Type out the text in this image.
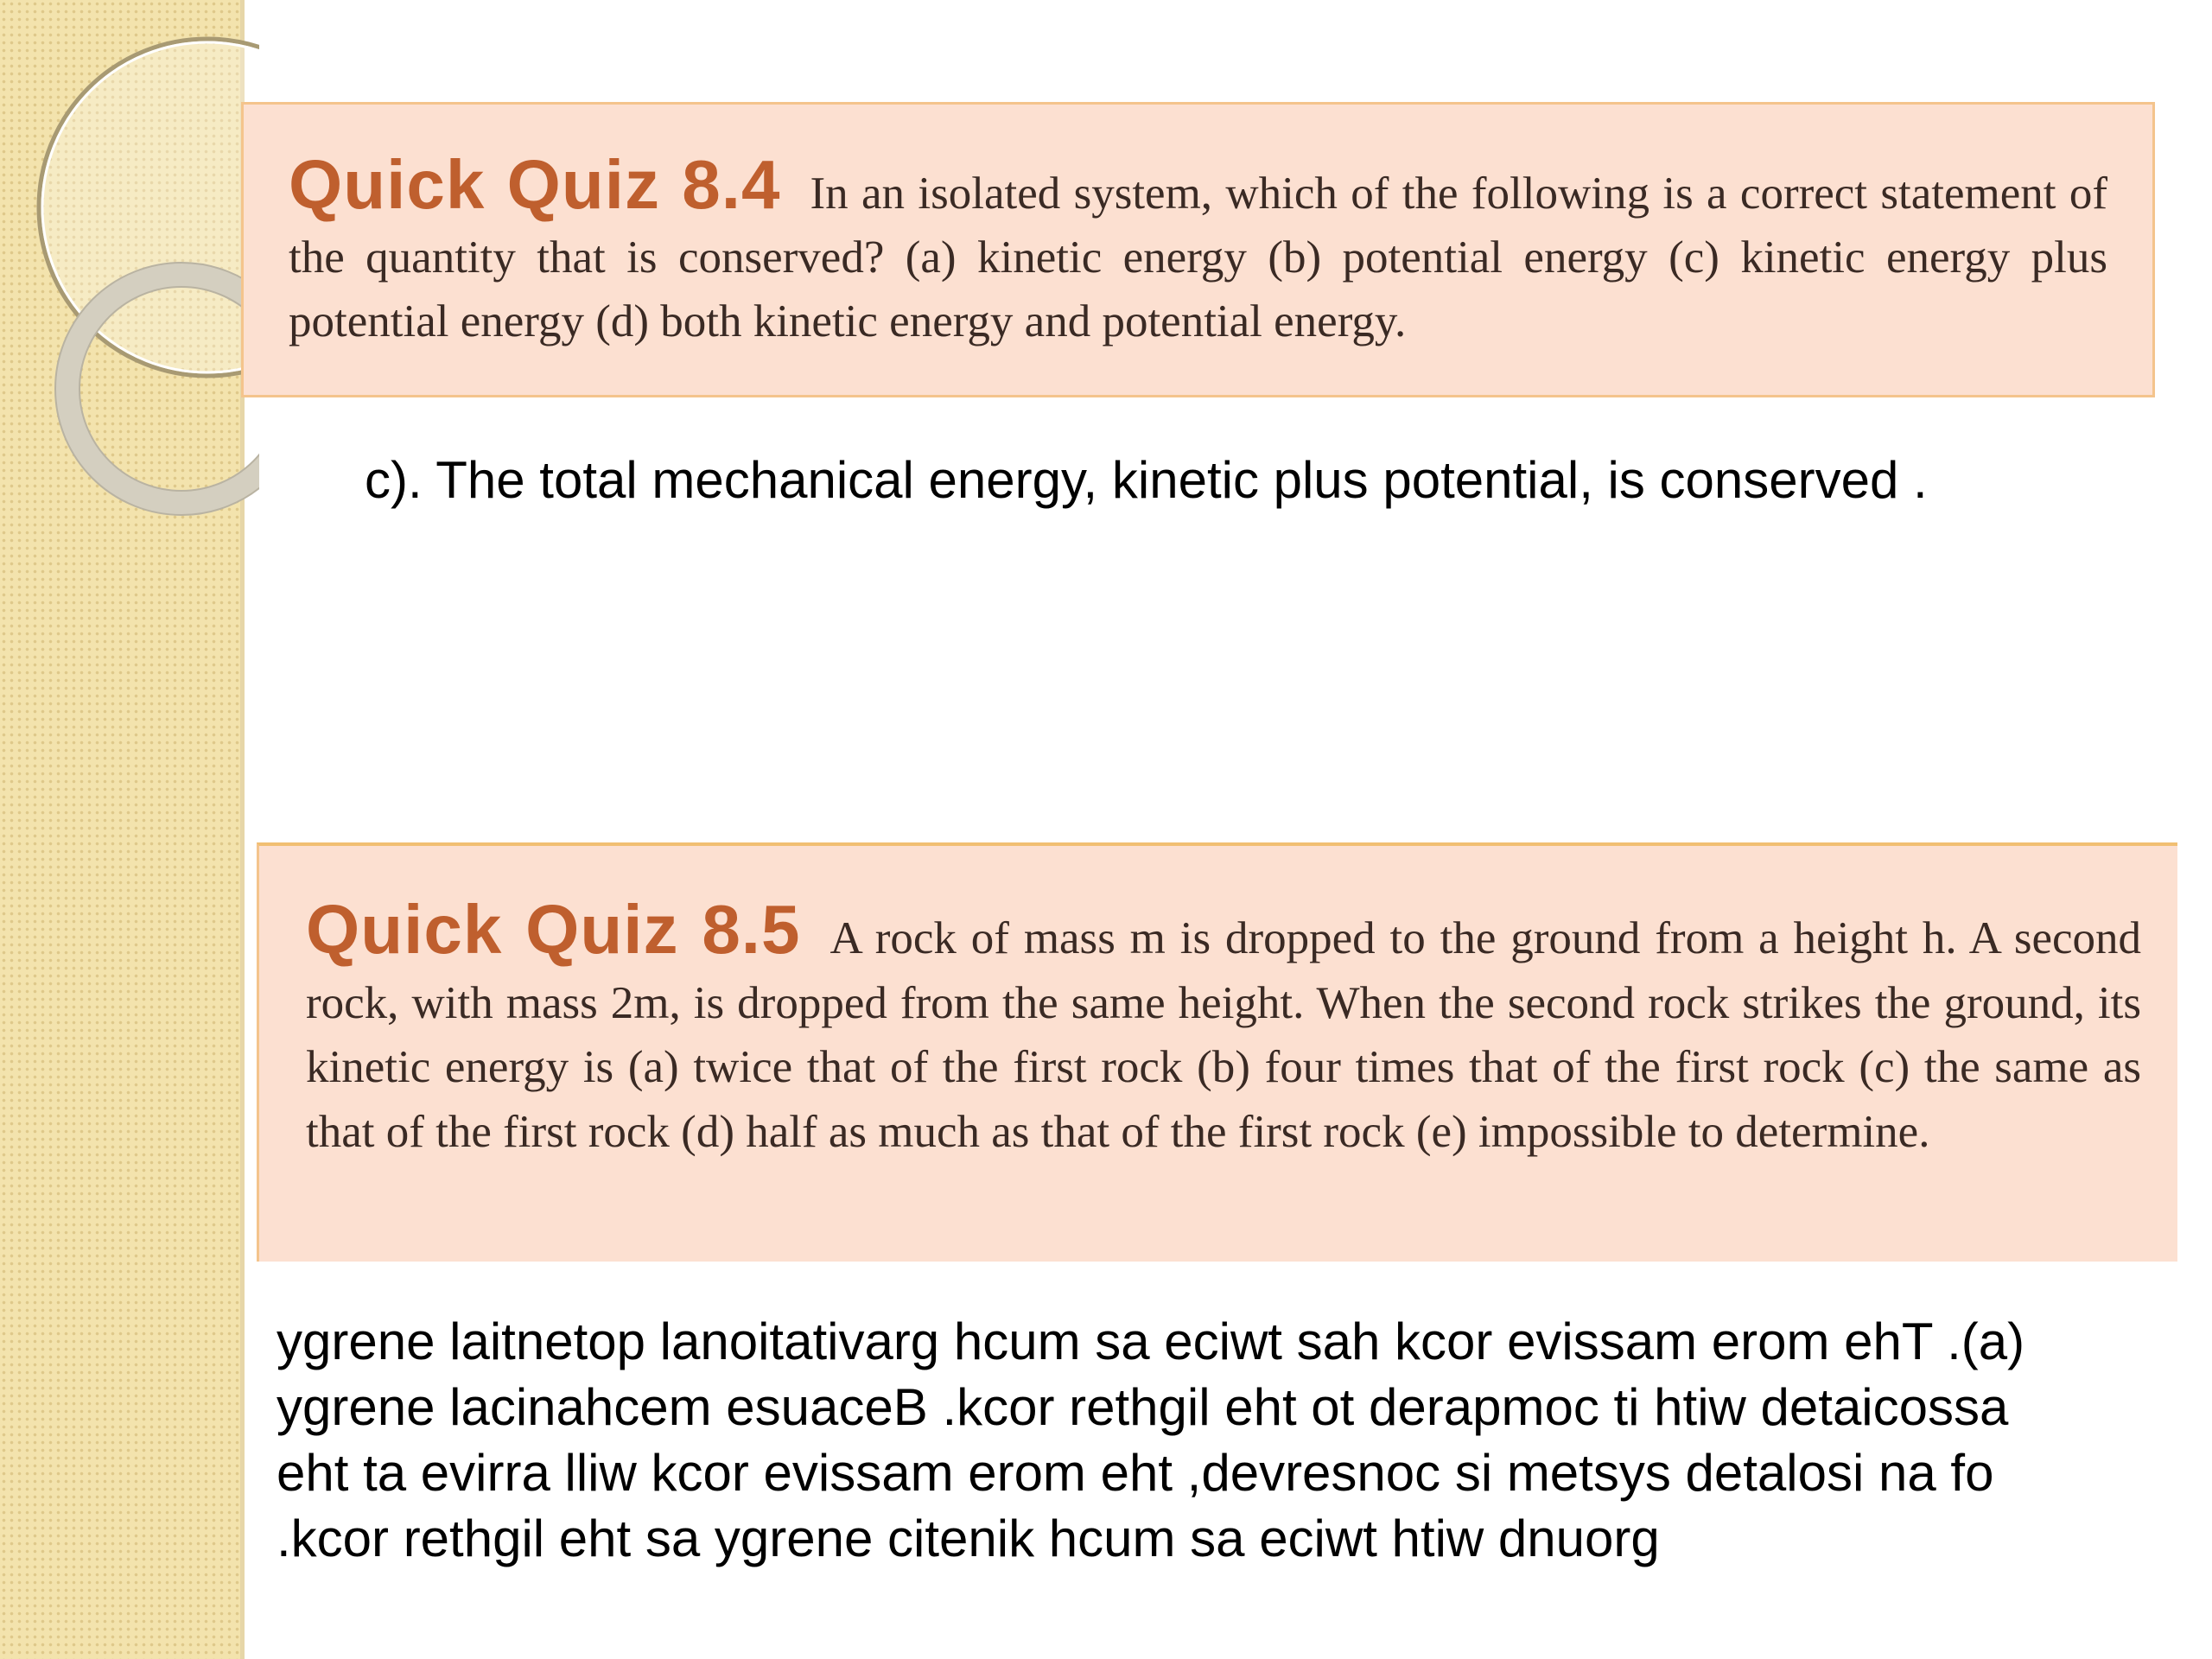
Quick Quiz 8.4 In an isolated system, which of the following is a correct statement of the quantity that is conserved? (a) kinetic energy (b) potential energy (c) kinetic energy plus potential energy (d) both kinetic energy and potential energy.

c). The total mechanical energy, kinetic plus potential, is conserved .

Quick Quiz 8.5 A rock of mass m is dropped to the ground from a height h. A second rock, with mass 2m, is dropped from the same height. When the second rock strikes the ground, its kinetic energy is (a) twice that of the first rock (b) four times that of the first rock (c) the same as that of the first rock (d) half as much as that of the first rock (e) impossible to determine.

ygrene laitnetop lanoitativarg hcum sa eciwt sah kcor evissam erom ehT .(a)
ygrene lacinahcem esuaceB .kcor rethgil eht ot derapmoc ti htiw detaicossa
eht ta evirra lliw kcor evissam erom eht ,devresnoc si metsys detalosi na fo
.kcor rethgil eht sa ygrene citenik hcum sa eciwt htiw dnuorg
